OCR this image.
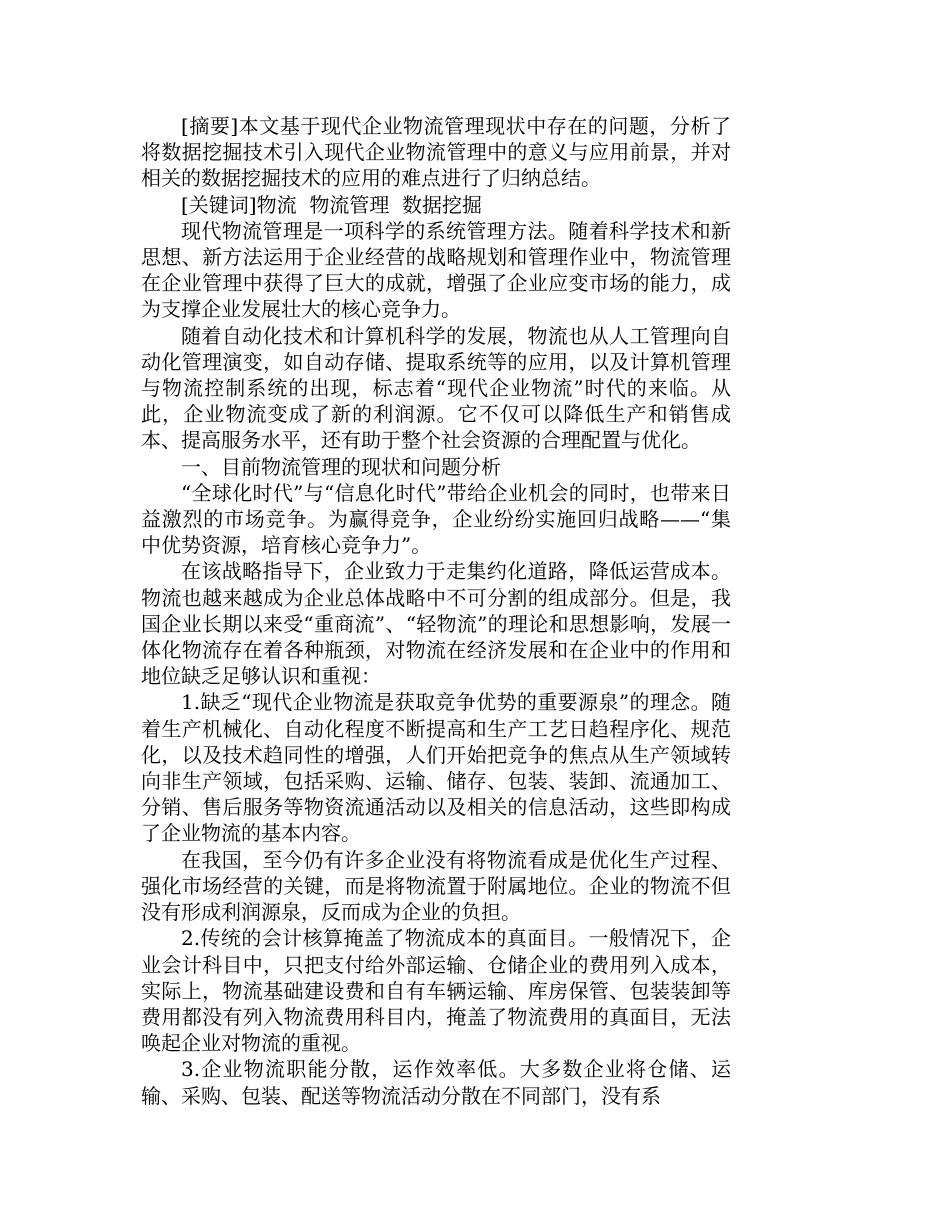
[摘要]本文基于现代企业物流管理现状中存在的问题，分析了将数据挖掘技术引入现代企业物流管理中的意义与应用前景，并对相关的数据挖掘技术的应用的难点进行了归纳总结。

[关键词]物流  物流管理  数据挖掘

现代物流管理是一项科学的系统管理方法。随着科学技术和新思想、新方法运用于企业经营的战略规划和管理作业中，物流管理在企业管理中获得了巨大的成就，增强了企业应变市场的能力，成为支撑企业发展壮大的核心竞争力。

随着自动化技术和计算机科学的发展，物流也从人工管理向自动化管理演变，如自动存储、提取系统等的应用，以及计算机管理与物流控制系统的出现，标志着“现代企业物流”时代的来临。从此，企业物流变成了新的利润源。它不仅可以降低生产和销售成本、提高服务水平，还有助于整个社会资源的合理配置与优化。

一、目前物流管理的现状和问题分析

“全球化时代”与“信息化时代”带给企业机会的同时，也带来日益激烈的市场竞争。为赢得竞争，企业纷纷实施回归战略——“集中优势资源，培育核心竞争力”。

在该战略指导下，企业致力于走集约化道路，降低运营成本。物流也越来越成为企业总体战略中不可分割的组成部分。但是，我国企业长期以来受“重商流”、“轻物流”的理论和思想影响，发展一体化物流存在着各种瓶颈，对物流在经济发展和在企业中的作用和地位缺乏足够认识和重视：

1.缺乏“现代企业物流是获取竞争优势的重要源泉”的理念。随着生产机械化、自动化程度不断提高和生产工艺日趋程序化、规范化，以及技术趋同性的增强，人们开始把竞争的焦点从生产领域转向非生产领域，包括采购、运输、储存、包装、装卸、流通加工、分销、售后服务等物资流通活动以及相关的信息活动，这些即构成了企业物流的基本内容。

在我国，至今仍有许多企业没有将物流看成是优化生产过程、强化市场经营的关键，而是将物流置于附属地位。企业的物流不但没有形成利润源泉，反而成为企业的负担。

2.传统的会计核算掩盖了物流成本的真面目。一般情况下，企业会计科目中，只把支付给外部运输、仓储企业的费用列入成本，实际上，物流基础建设费和自有车辆运输、库房保管、包装装卸等费用都没有列入物流费用科目内，掩盖了物流费用的真面目，无法唤起企业对物流的重视。

3.企业物流职能分散，运作效率低。大多数企业将仓储、运输、采购、包装、配送等物流活动分散在不同部门，没有系
